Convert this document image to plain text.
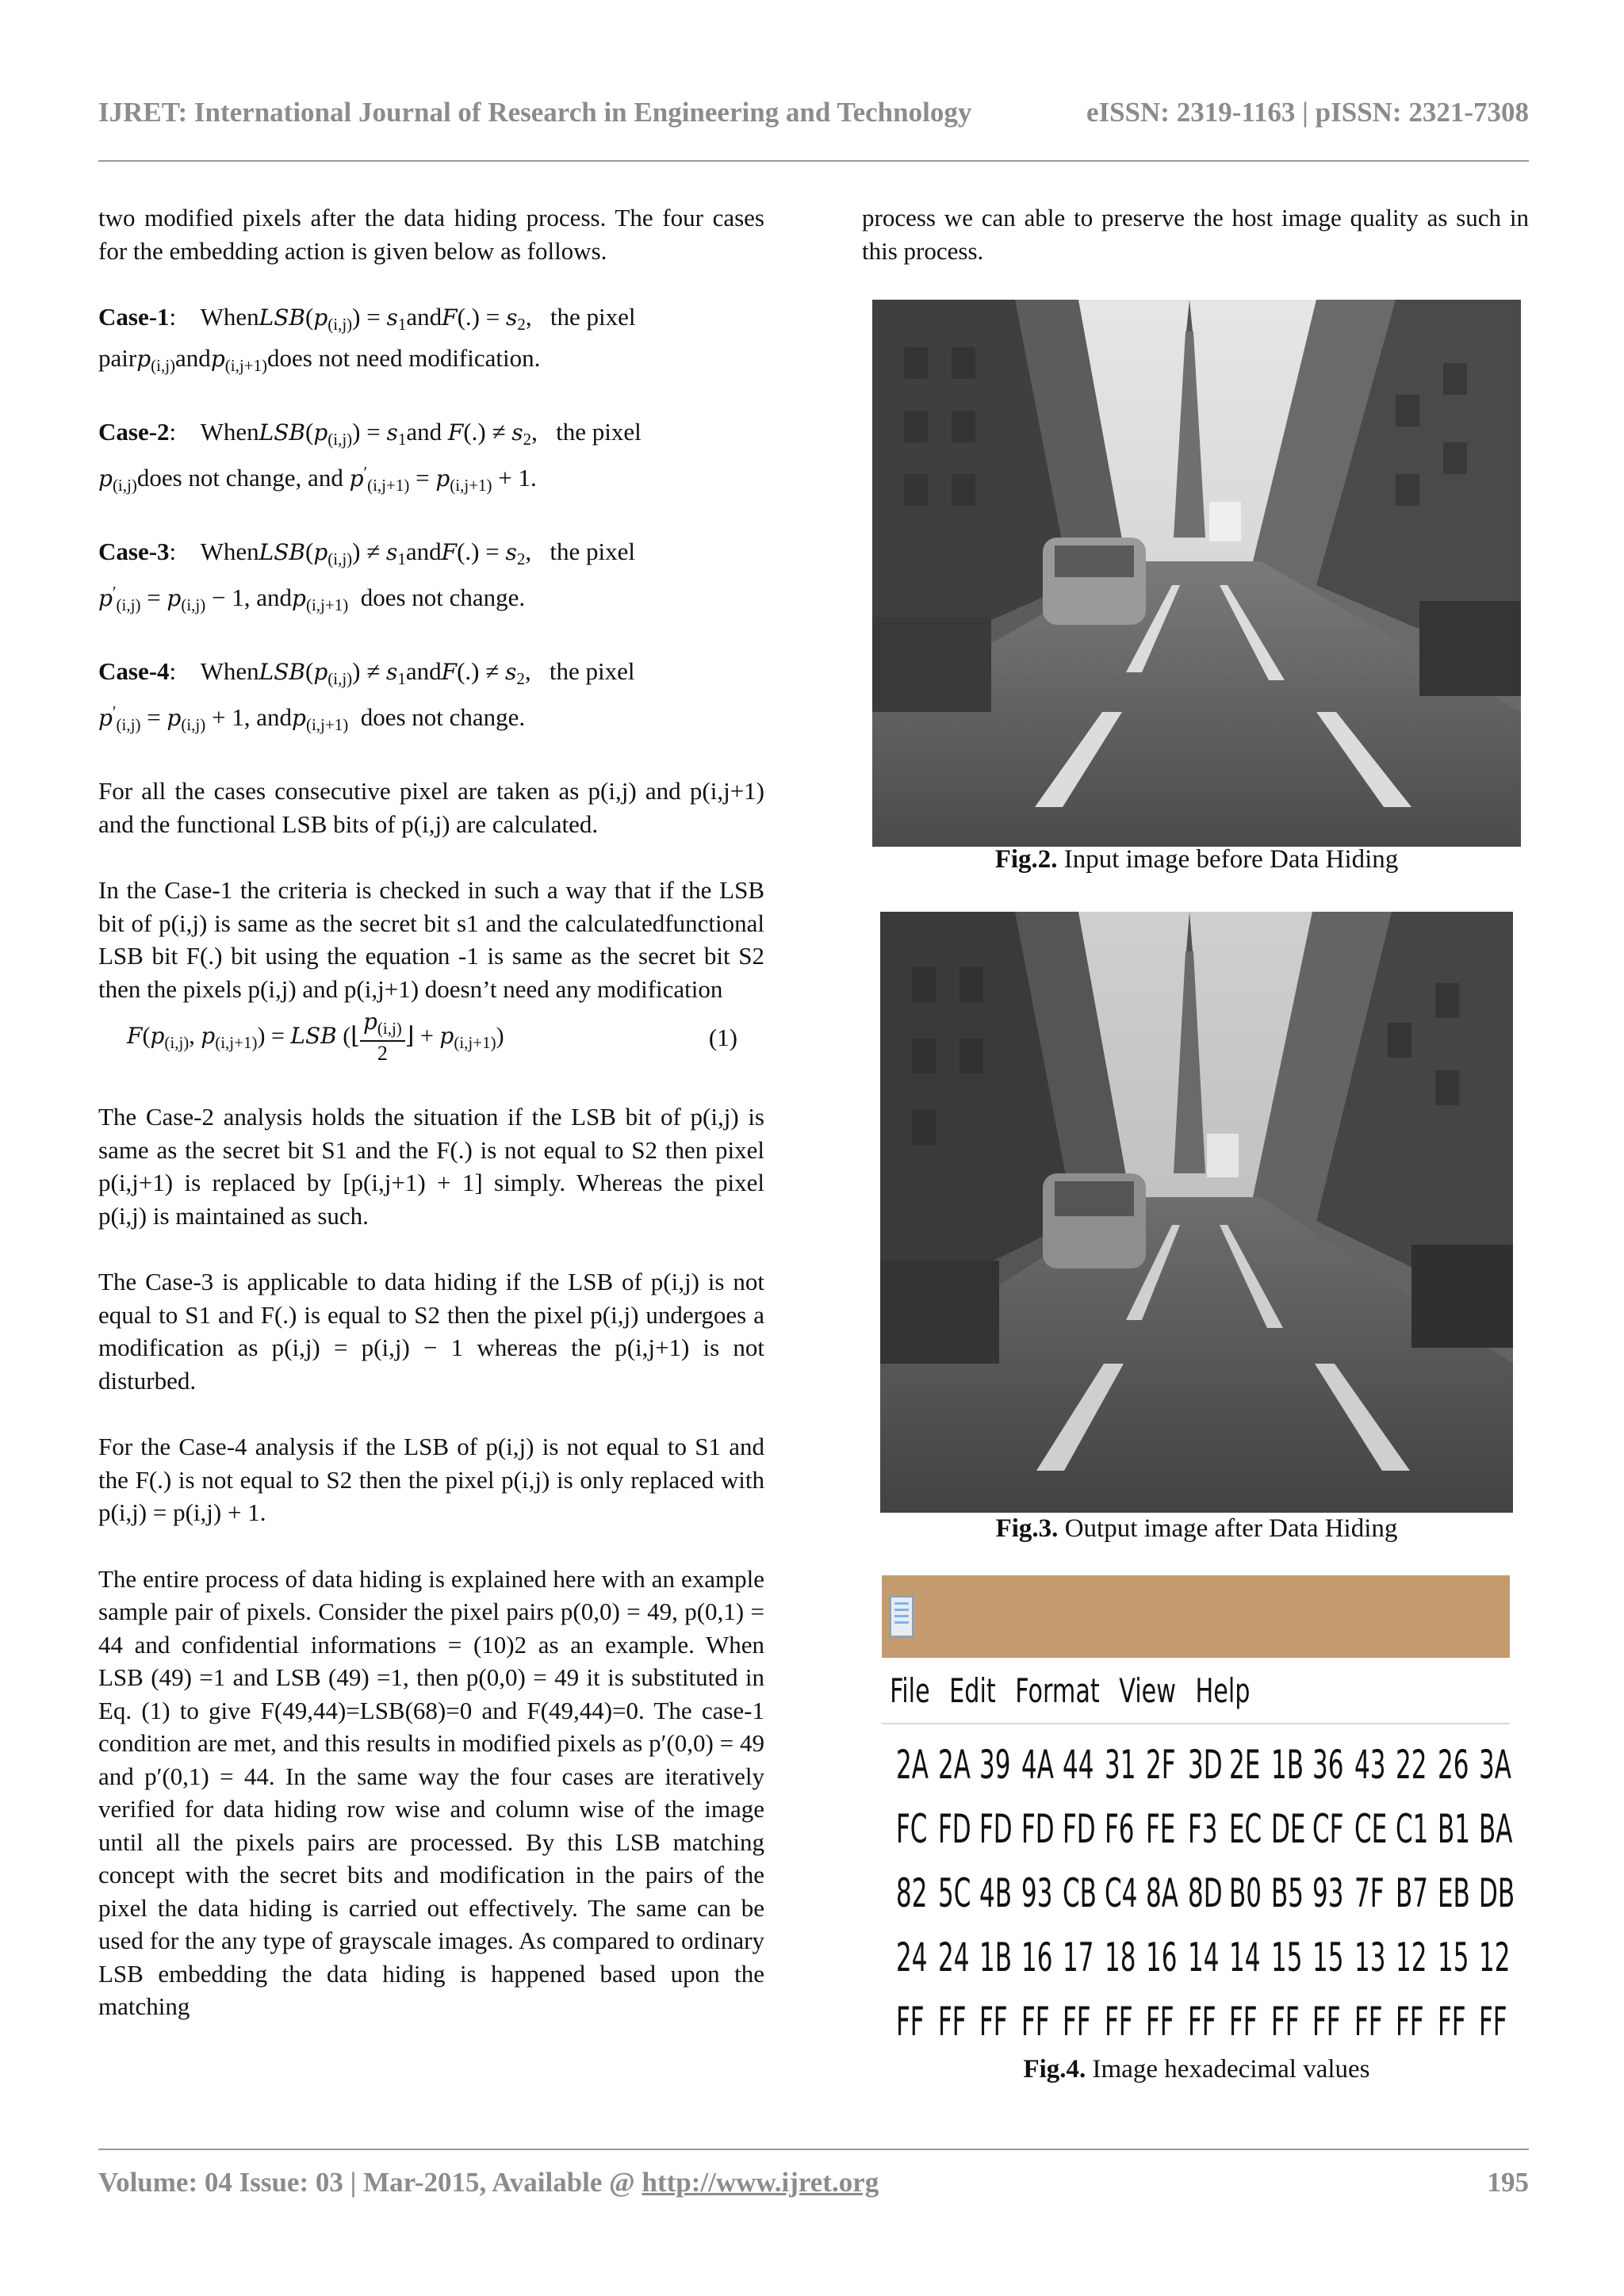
IJRET: International Journal of Research in Engineering and Technology	eISSN: 2319-1163 | pISSN: 2321-7308

two modified pixels after the data hiding process. The four cases for the embedding action is given below as follows.

Case-1:    $WhenLSB(p_{(i,j)})$ = $s_1andF(.) = s_2$,   the pixel
pairp$_{(i,j)}$andp$_{(i,j+1)}$does not need modification.

Case-2:    $WhenLSB(p_{(i,j)}) = s_1and$ $F(.) \ne s_2$,   the pixel
$p_{(i,j)}does$ not change, and $p'_{(i,j+1)} = p_{(i,j+1)} + 1$.

Case-3:    $WhenLSB(p_{(i,j)})$ ≠ $s_1andF(.) = s_2$,   the pixel
$p'_{(i,j)} = p_{(i,j)} - 1$, andp$_{(i,j+1)}$  does not change.

Case-4:    $WhenLSB(p_{(i,j)})$ ≠ $s_1andF(.) \ne s_2$,   the pixel
$p'_{(i,j)} = p_{(i,j)} + 1$, andp$_{(i,j+1)}$  does not change.

For all the cases consecutive pixel are taken as p(i,j) and p(i,j+1) and the functional LSB bits of p(i,j) are calculated.

In the Case-1 the criteria is checked in such a way that if the LSB bit of p(i,j) is same as the secret bit s1 and the calculatedfunctional LSB bit F(.) bit using the equation -1 is same as the secret bit S2 then the pixels p(i,j) and p(i,j+1) doesn’t need any modification

$F(p_{(i,j)}$, $p_{(i,j+1)}$) = LSB (⌊ $\frac{p_{(i,j)}}{2}$ ⌋ + $p_{(i,j+1)}$)	(1)

The Case-2 analysis holds the situation if the LSB bit of p(i,j) is same as the secret bit S1 and the F(.) is not equal to S2 then pixel p(i,j+1) is replaced by [p(i,j+1) + 1] simply. Whereas the pixel p(i,j) is maintained as such.

The Case-3 is applicable to data hiding if the LSB of p(i,j) is not equal to S1 and F(.) is equal to S2 then the pixel p(i,j) undergoes a modification as p(i,j) = p(i,j) − 1 whereas the p(i,j+1) is not disturbed.

For the Case-4 analysis if the LSB of p(i,j) is not equal to S1 and the F(.) is not equal to S2 then the pixel p(i,j) is only replaced with p(i,j) = p(i,j) + 1.

The entire process of data hiding is explained here with an example sample pair of pixels. Consider the pixel pairs p(0,0) = 49, p(0,1) = 44 and confidential informations = (10)2 as an example. When LSB (49) =1 and LSB (49) =1, then p(0,0) = 49 it is substituted in Eq. (1) to give F(49,44)=LSB(68)=0 and F(49,44)=0. The case-1 condition are met, and this results in modified pixels as p′(0,0) = 49 and p′(0,1) = 44. In the same way the four cases are iteratively verified for data hiding row wise and column wise of the image until all the pixels pairs are processed. By this LSB matching concept with the secret bits and modification in the pairs of the pixel the data hiding is carried out effectively. The same can be used for the any type of grayscale images. As compared to ordinary LSB embedding the data hiding is happened based upon the matching

process we can able to preserve the host image quality as such in this process.

Fig.2. Input image before Data Hiding
Fig.3. Output image after Data Hiding
File Edit Format View Help
2A 2A 39 4A 44 31 2F 3D 2E 1B 36 43 22 26 3A
FC FD FD FD FD F6 FE F3 EC DE CF CE C1 B1 BA
82 5C 4B 93 CB C4 8A 8D B0 B5 93 7F B7 EB DB
24 24 1B 16 17 18 16 14 14 15 15 13 12 15 12
FF FF FF FF FF FF FF FF FF FF FF FF FF FF FF
Fig.4. Image hexadecimal values
Volume: 04 Issue: 03 | Mar-2015, Available @ http://www.ijret.org	195
